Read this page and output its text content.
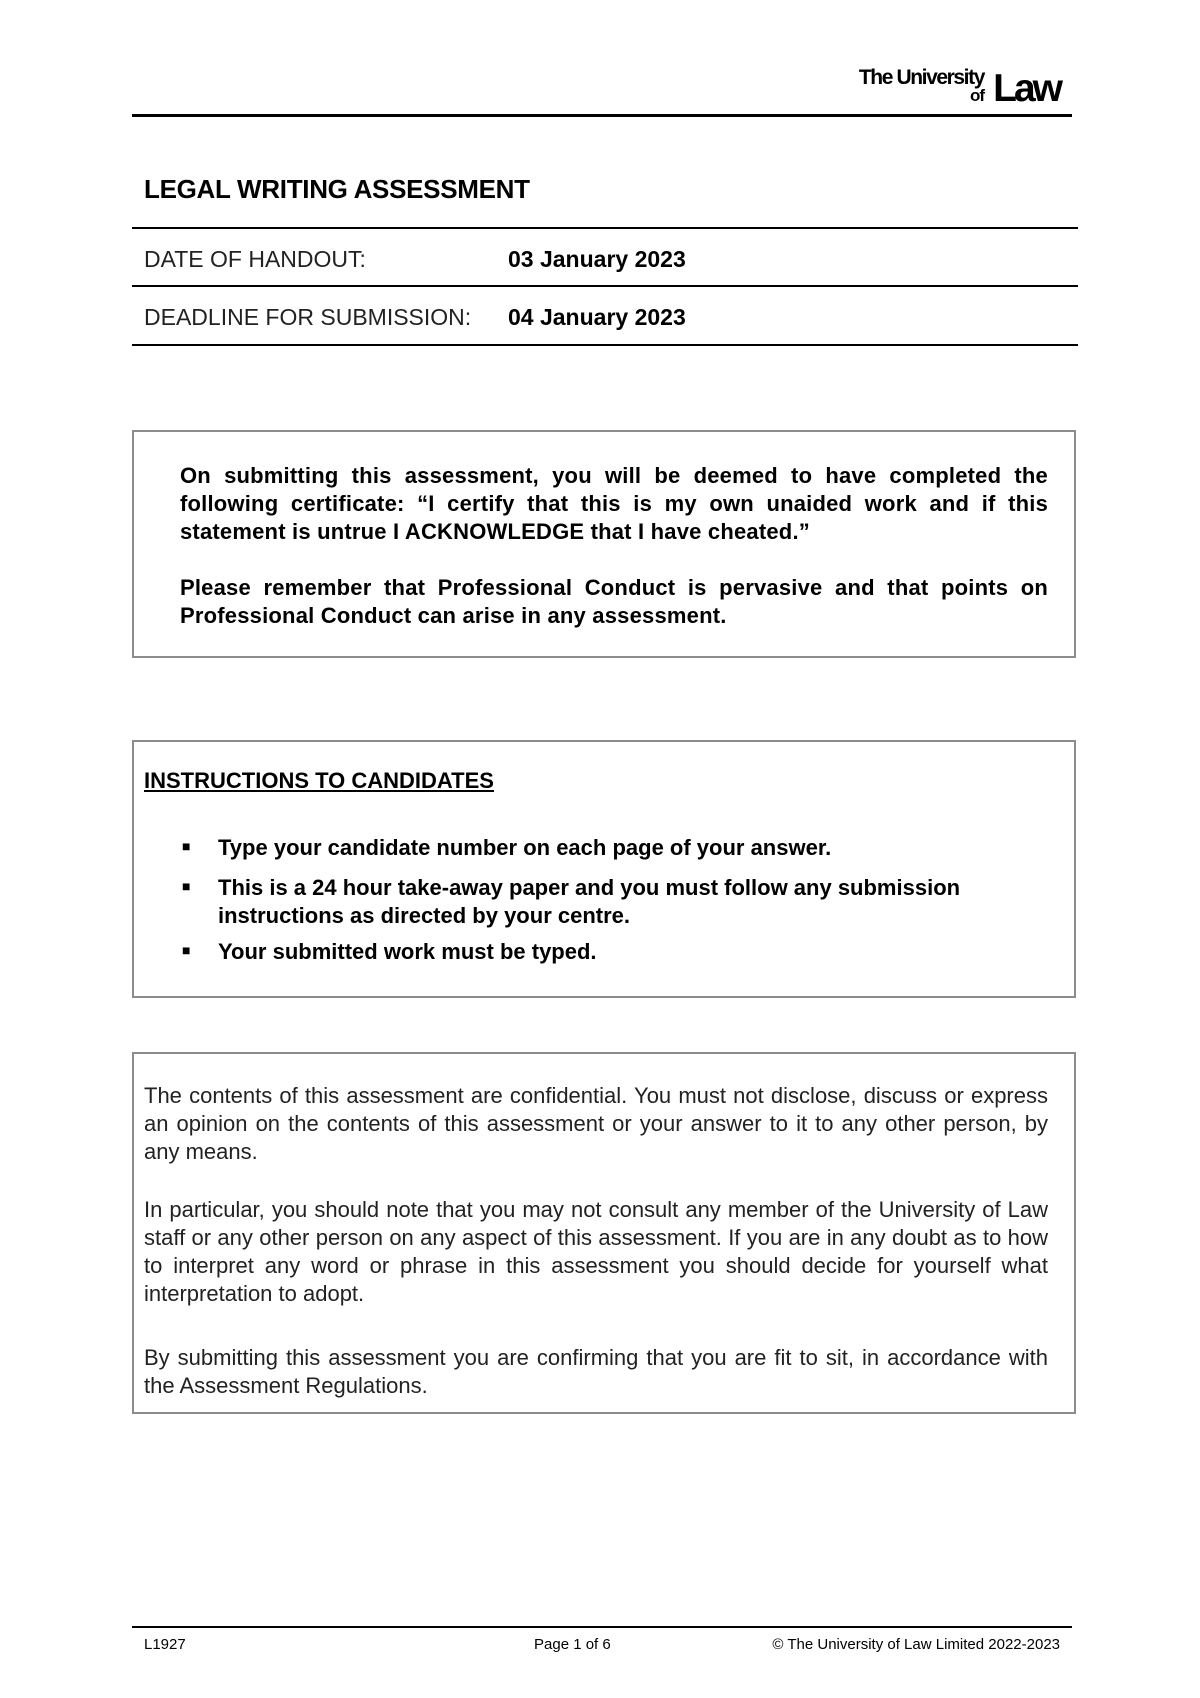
The University
of Law
LEGAL WRITING ASSESSMENT
DATE OF HANDOUT:	03 January 2023
DEADLINE FOR SUBMISSION: 04 January 2023

On submitting this assessment, you will be deemed to have completed the following certificate: “I certify that this is my own unaided work and if this statement is untrue I ACKNOWLEDGE that I have cheated.”

Please remember that Professional Conduct is pervasive and that points on Professional Conduct can arise in any assessment.

INSTRUCTIONS TO CANDIDATES
■ Type your candidate number on each page of your answer.

■ This is a 24 hour take-away paper and you must follow any submission instructions as directed by your centre.

■ Your submitted work must be typed.

The contents of this assessment are confidential. You must not disclose, discuss or express an opinion on the contents of this assessment or your answer to it to any other person, by any means.

In particular, you should note that you may not consult any member of the University of Law staff or any other person on any aspect of this assessment. If you are in any doubt as to how to interpret any word or phrase in this assessment you should decide for yourself what interpretation to adopt.

By submitting this assessment you are confirming that you are fit to sit, in accordance with the Assessment Regulations.

L1927	Page 1 of 6	© The University of Law Limited 2022-2023
